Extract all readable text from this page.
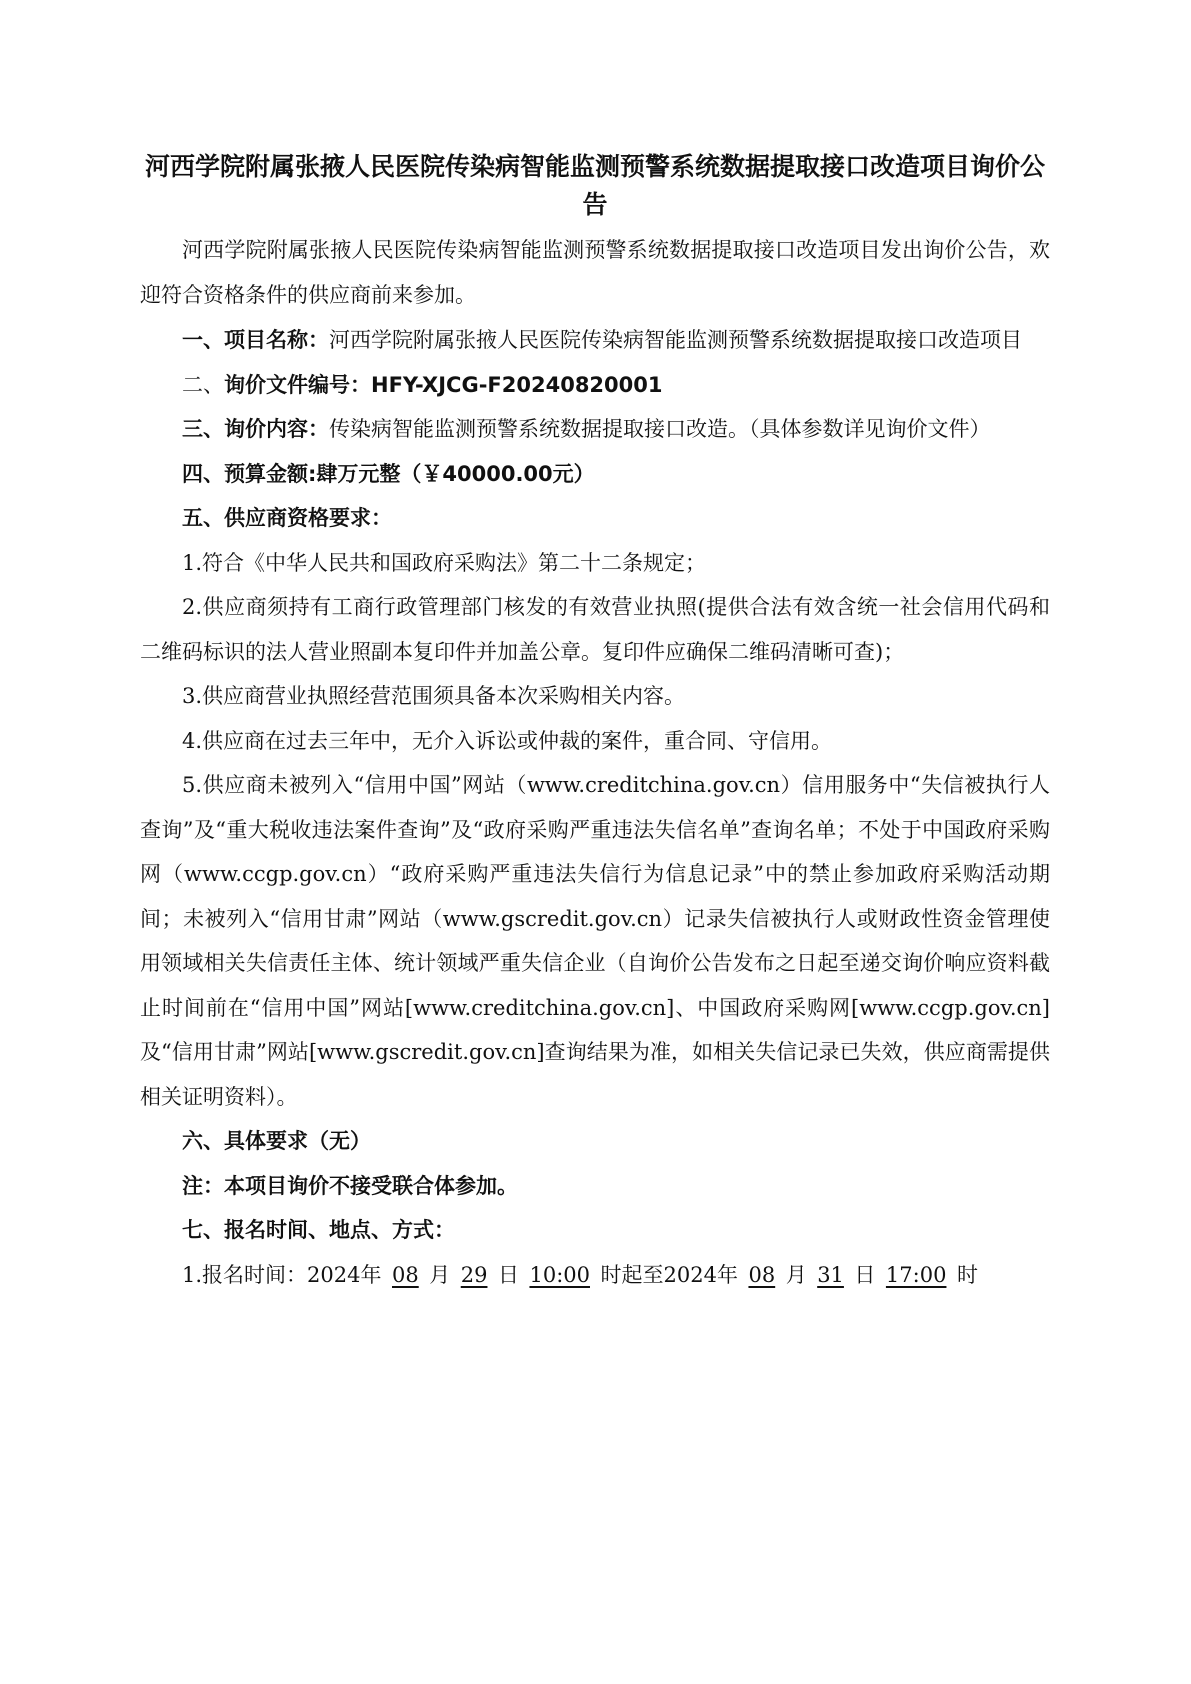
河西学院附属张掖人民医院传染病智能监测预警系统数据提取接口改造项目询价公告

河西学院附属张掖人民医院传染病智能监测预警系统数据提取接口改造项目发出询价公告，欢迎符合资格条件的供应商前来参加。

一、项目名称：河西学院附属张掖人民医院传染病智能监测预警系统数据提取接口改造项目

二、询价文件编号：HFY-XJCG-F20240820001

三、询价内容：传染病智能监测预警系统数据提取接口改造。（具体参数详见询价文件）

四、预算金额:肆万元整（￥40000.00元）

五、供应商资格要求：

1.符合《中华人民共和国政府采购法》第二十二条规定；

2.供应商须持有工商行政管理部门核发的有效营业执照(提供合法有效含统一社会信用代码和二维码标识的法人营业照副本复印件并加盖公章。复印件应确保二维码清晰可查)；

3.供应商营业执照经营范围须具备本次采购相关内容。

4.供应商在过去三年中，无介入诉讼或仲裁的案件，重合同、守信用。

5.供应商未被列入“信用中国”网站（www.creditchina.gov.cn）信用服务中“失信被执行人查询”及“重大税收违法案件查询”及“政府采购严重违法失信名单”查询名单；不处于中国政府采购网（www.ccgp.gov.cn）“政府采购严重违法失信行为信息记录”中的禁止参加政府采购活动期间；未被列入“信用甘肃”网站（www.gscredit.gov.cn）记录失信被执行人或财政性资金管理使用领域相关失信责任主体、统计领域严重失信企业（自询价公告发布之日起至递交询价响应资料截止时间前在“信用中国”网站[www.creditchina.gov.cn]、中国政府采购网[www.ccgp.gov.cn]及“信用甘肃”网站[www.gscredit.gov.cn]查询结果为准，如相关失信记录已失效，供应商需提供相关证明资料）。

六、具体要求（无）

注：本项目询价不接受联合体参加。

七、报名时间、地点、方式：

1.报名时间：2024年 08 月 29 日 10:00 时起至2024年 08 月 31 日 17:00 时
